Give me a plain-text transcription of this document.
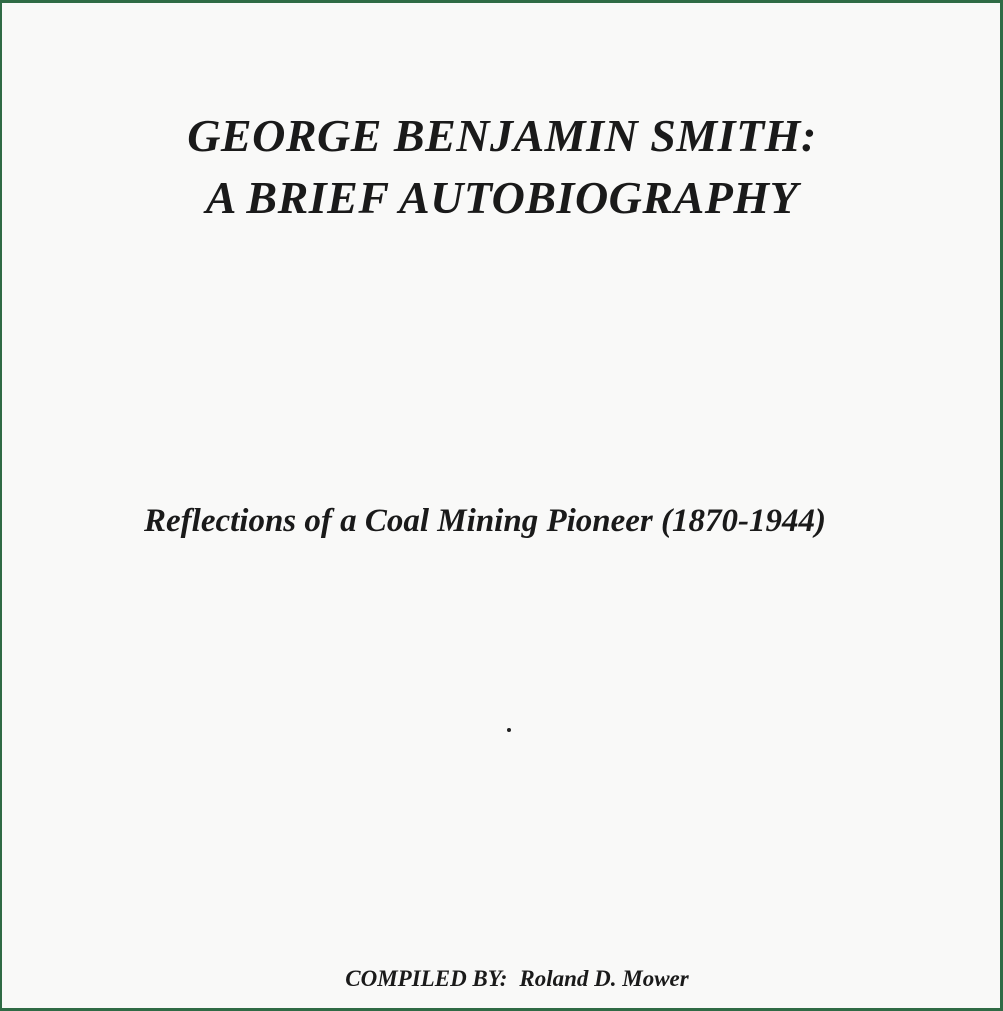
GEORGE BENJAMIN SMITH:
A BRIEF AUTOBIOGRAPHY
Reflections of a Coal Mining Pioneer (1870-1944)
COMPILED BY: Roland D. Mower
